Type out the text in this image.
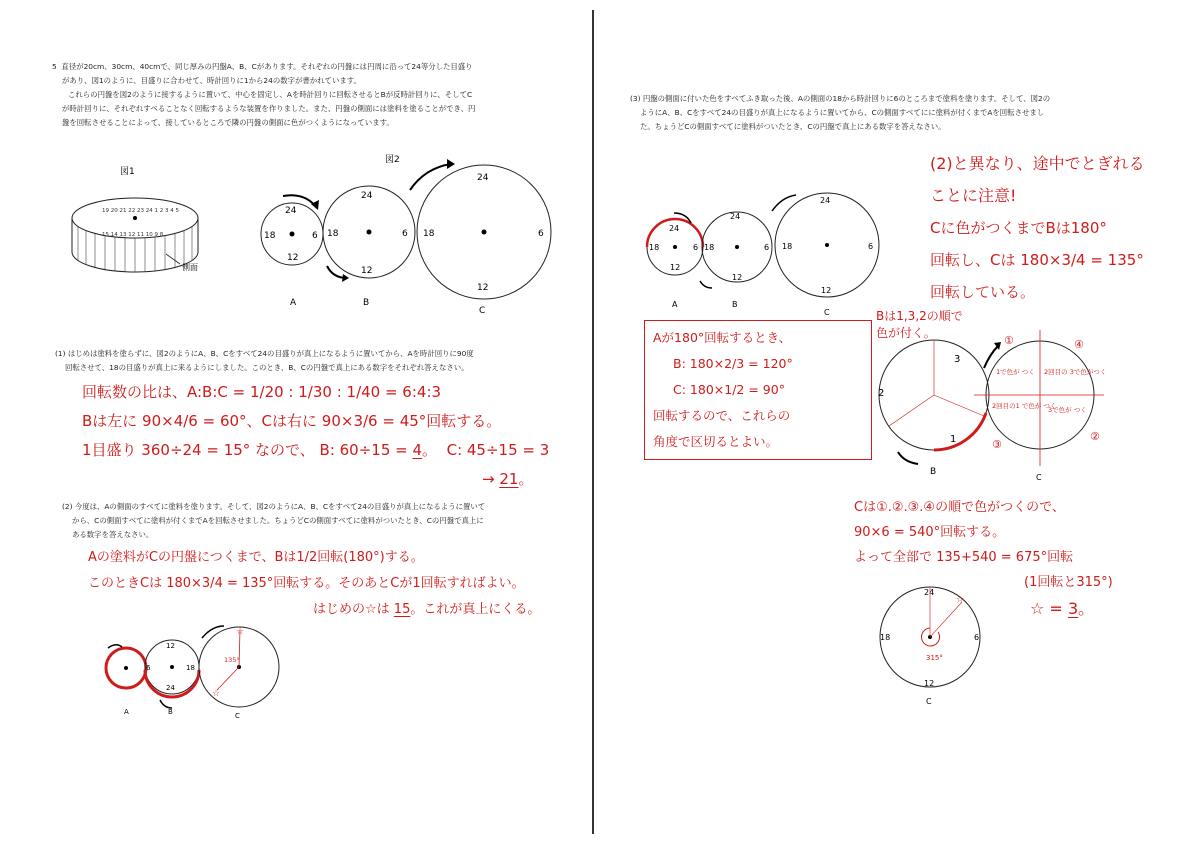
5 直径が20cm、30cm、40cmで、同じ厚みの円盤A、B、Cがあります。それぞれの円盤には円周に沿って24等分した目盛り

があり、図1のように、目盛りに合わせて、時計回りに1から24の数字が書かれています。

これらの円盤を図2のように接するように置いて、中心を固定し、Aを時計回りに回転させるとBが反時計回りに、そしてC

が時計回りに、それぞれすべることなく回転するような装置を作りました。また、円盤の側面には塗料を塗ることができ、円

盤を回転させることによって、接しているところで隣の円盤の側面に色がつくようになっています。

図1
19 20 21 22 23 24 1 2 3 4 5
15 14 13 12 11 10 9 8
側面
図2
24
6
12
18
24
6
12
18
24
6
12
18
A	B
C

(1) はじめは塗料を塗らずに、図2のようにA、B、Cをすべて24の目盛りが真上になるように置いてから、Aを時計回りに90度

回転させて、18の目盛りが真上に来るようにしました。このとき、B、Cの円盤で真上にある数字をそれぞれ答えなさい。

回転数の比は、A:B:C = 1/20 : 1/30 : 1/40 = 6:4:3

Bは左に 90×4/6 = 60°、Cは右に 90×3/6 = 45°回転する。

1目盛り 360÷24 = 15° なので、 B: 60÷15 = 4。  C: 45÷15 = 3

→ 21。

(2) 今度は、Aの側面のすべてに塗料を塗ります。そして、図2のようにA、B、Cをすべて24の目盛りが真上になるように置いて

から、Cの側面すべてに塗料が付くまでAを回転させました。ちょうどCの側面すべてに塗料がついたとき、Cの円盤で真上に

ある数字を答えなさい。

Aの塗料がCの円盤につくまで、Bは1/2回転(180°)する。

このときCは 180×3/4 = 135°回転する。そのあとCが1回転すればよい。

はじめの☆は 15。これが真上にくる。

12
6	18
24
135°
☆
☆
A	B	C

(3) 円盤の側面に付いた色をすべてふき取った後、Aの側面の18から時計回りに6のところまで塗料を塗ります。そして、図2の

ようにA、B、Cをすべて24の目盛りが真上になるように置いてから、Cの側面すべてにに塗料が付くまでAを回転させまし

た。ちょうどCの側面すべてに塗料がついたとき、Cの円盤で真上にある数字を答えなさい。

(2)と異なり、途中でとぎれる

ことに注意!

Cに色がつくまでBは180°

回転し、Cは 180×3/4 = 135°

回転している。

24
6
12
18
24
6
12
18
24
6
12
18
A	B
C
Aが180°回転するとき、
B: 180×2/3 = 120°
C: 180×1/2 = 90°
回転するので、これらの
角度で区切るとよい。

Bは1,3,2の順で

色が付く。

3
2
1
①	④
②
③
1で色が つく 2回目の 3で色がつく
2回目の1 で色が つく
3で色が つく
B
C

Cは①.②.③.④の順で色がつくので、

90×6 = 540°回転する。

よって全部で 135+540 = 675°回転

(1回転と315°)

24
6
12
18
☆
315°
C
☆ = 3。
